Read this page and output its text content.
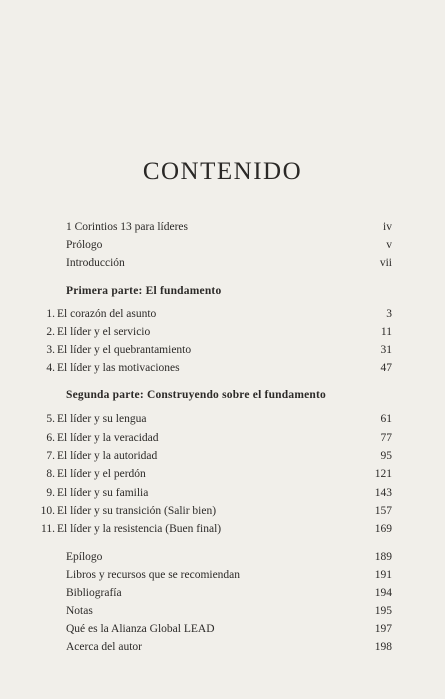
CONTENIDO
1 Corintios 13 para líderes	iv
Prólogo	v
Introducción	vii
Primera parte: El fundamento
1. El corazón del asunto	3
2. El líder y el servicio	11
3. El líder y el quebrantamiento	31
4. El líder y las motivaciones	47
Segunda parte: Construyendo sobre el fundamento
5. El líder y su lengua	61
6. El líder y la veracidad	77
7. El líder y la autoridad	95
8. El líder y el perdón	121
9. El líder y su familia	143
10. El líder y su transición (Salir bien)	157
11. El líder y la resistencia (Buen final)	169
Epílogo	189
Libros y recursos que se recomiendan	191
Bibliografía	194
Notas	195
Qué es la Alianza Global LEAD	197
Acerca del autor	198
